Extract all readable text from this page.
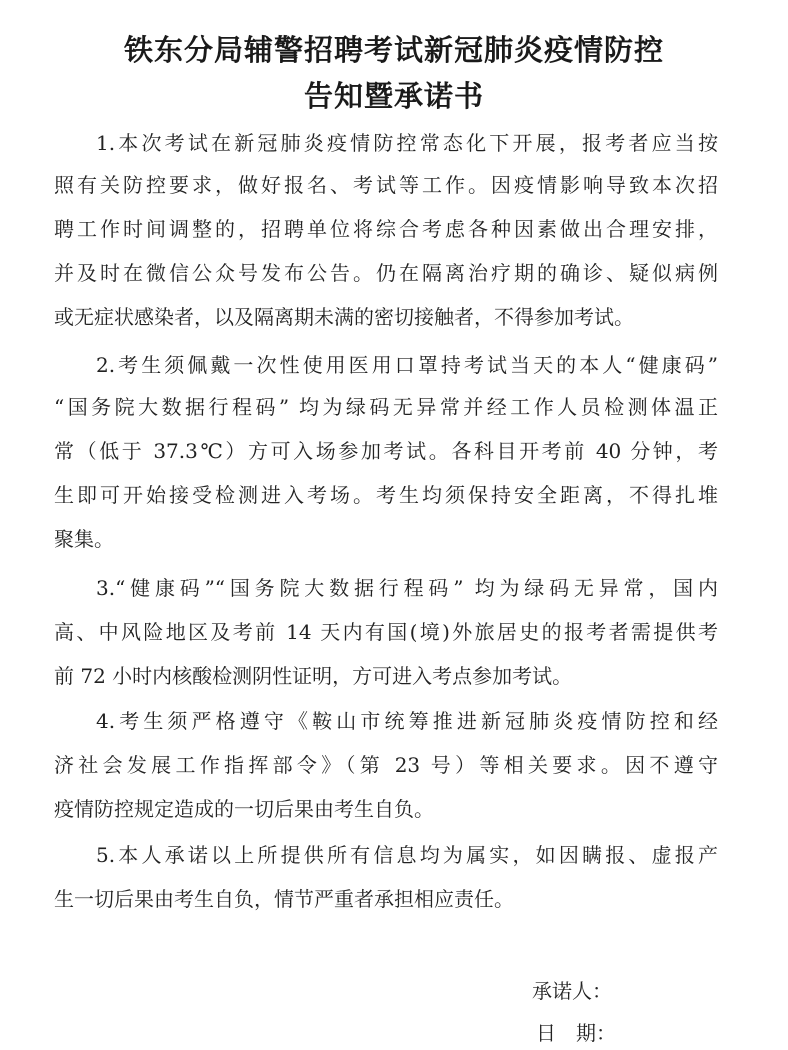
铁东分局辅警招聘考试新冠肺炎疫情防控
告知暨承诺书
1.本次考试在新冠肺炎疫情防控常态化下开展，报考者应当按
照有关防控要求，做好报名、考试等工作。因疫情影响导致本次招
聘工作时间调整的，招聘单位将综合考虑各种因素做出合理安排，
并及时在微信公众号发布公告。仍在隔离治疗期的确诊、疑似病例
或无症状感染者，以及隔离期未满的密切接触者，不得参加考试。
2.考生须佩戴一次性使用医用口罩持考试当天的本人“健康码”
“国务院大数据行程码” 均为绿码无异常并经工作人员检测体温正
常（低于 37.3℃）方可入场参加考试。各科目开考前 40 分钟，考
生即可开始接受检测进入考场。考生均须保持安全距离，不得扎堆
聚集。
3.“健康码”“国务院大数据行程码” 均为绿码无异常，国内
高、中风险地区及考前 14 天内有国(境)外旅居史的报考者需提供考
前 72 小时内核酸检测阴性证明，方可进入考点参加考试。
4.考生须严格遵守《鞍山市统筹推进新冠肺炎疫情防控和经
济社会发展工作指挥部令》（第 23 号）等相关要求。因不遵守
疫情防控规定造成的一切后果由考生自负。
5.本人承诺以上所提供所有信息均为属实，如因瞒报、虚报产
生一切后果由考生自负，情节严重者承担相应责任。
承诺人：
日　期：
